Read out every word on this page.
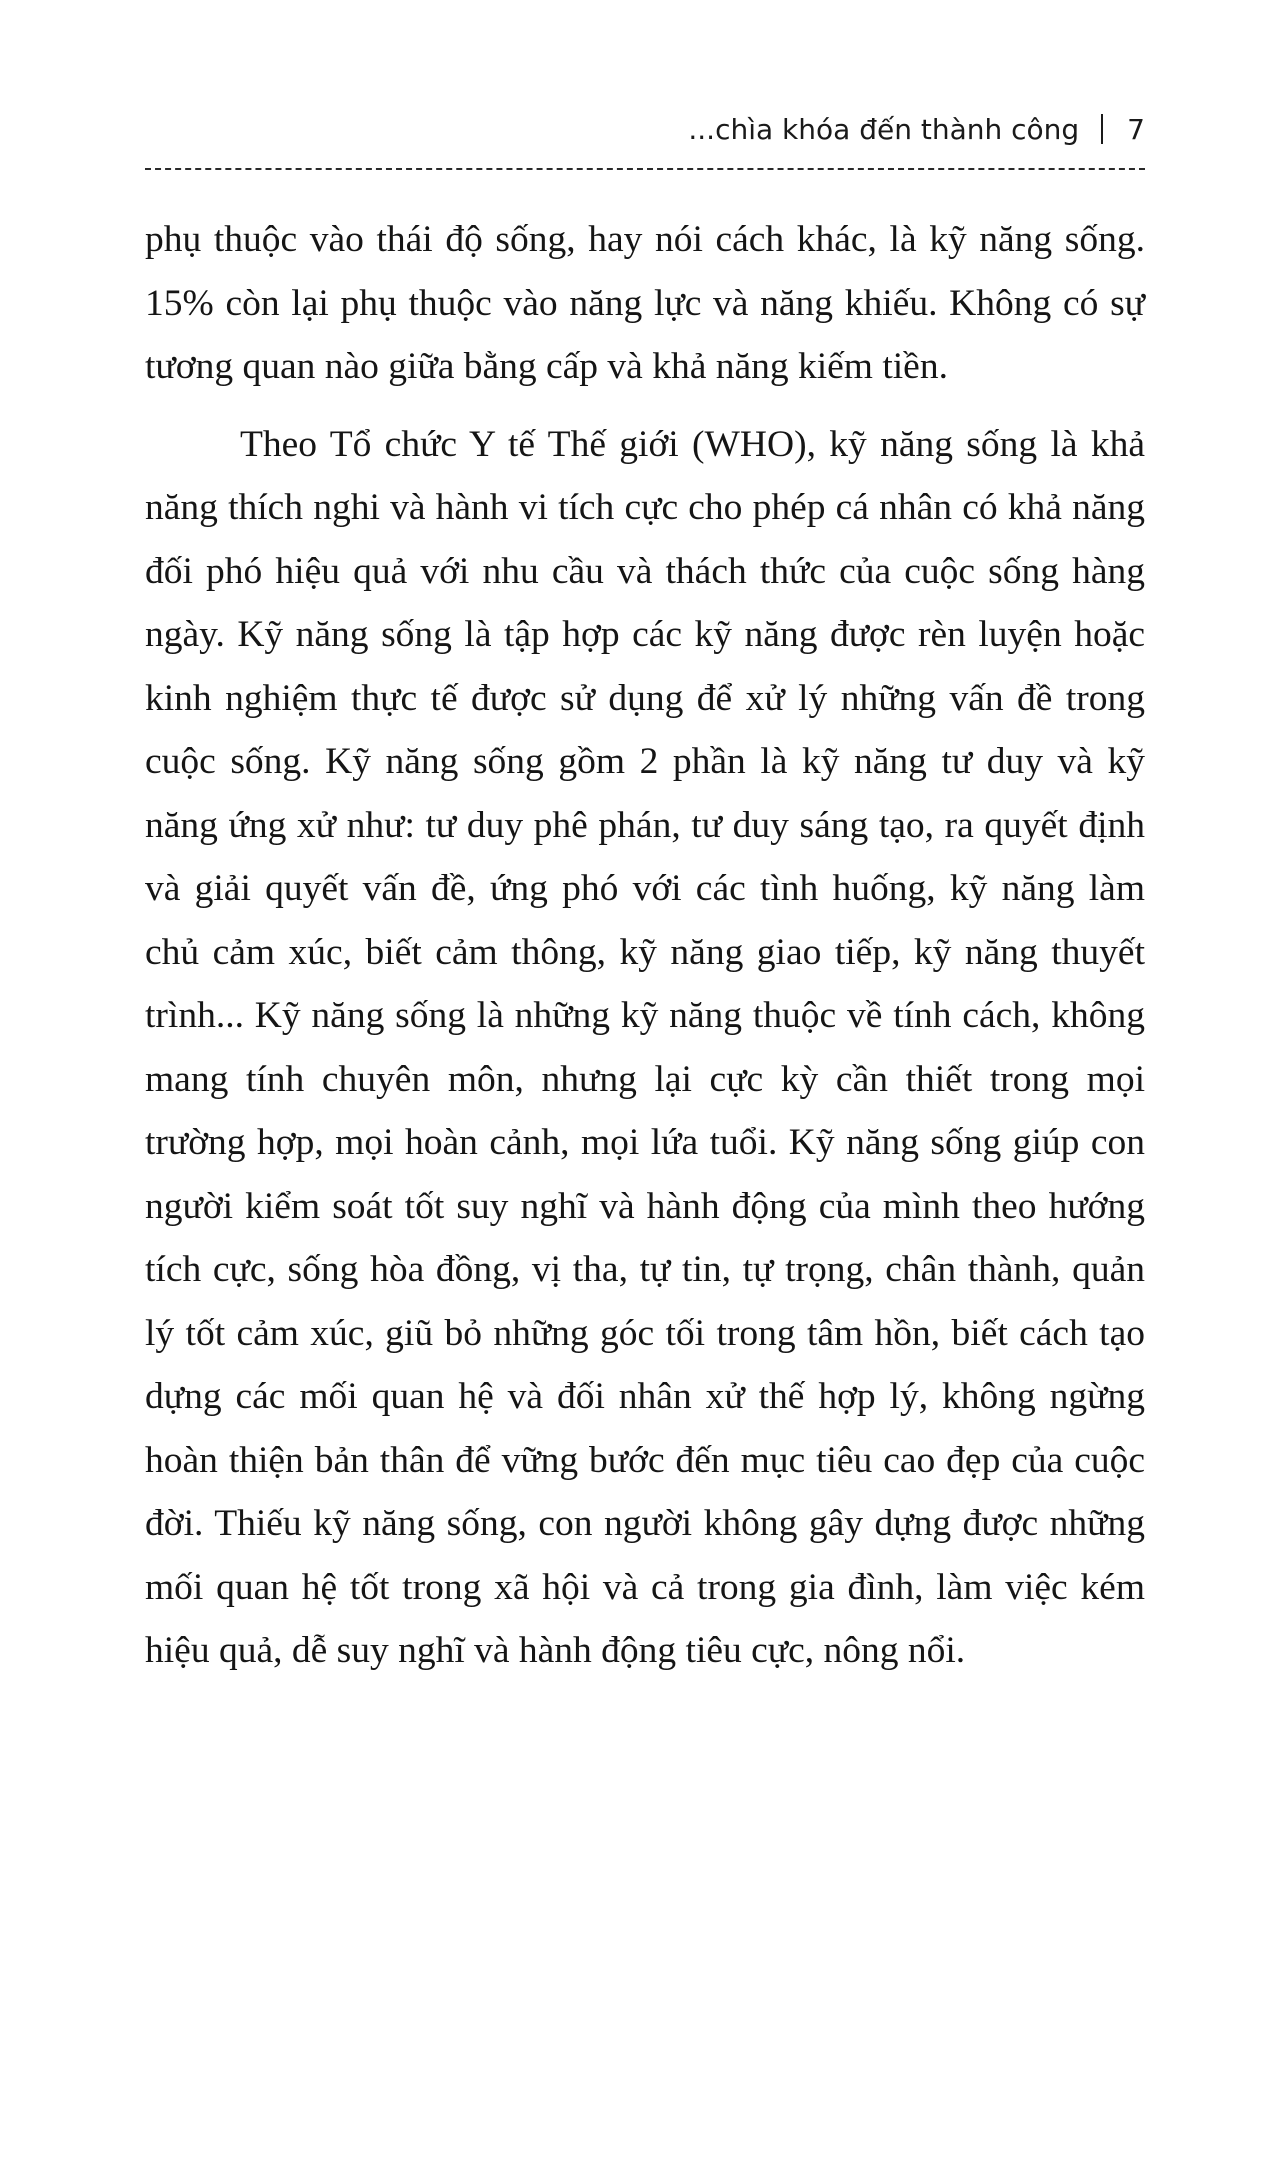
...chìa khóa đến thành công 7

phụ thuộc vào thái độ sống, hay nói cách khác, là kỹ năng sống. 15% còn lại phụ thuộc vào năng lực và năng khiếu. Không có sự tương quan nào giữa bằng cấp và khả năng kiếm tiền.

Theo Tổ chức Y tế Thế giới (WHO), kỹ năng sống là khả năng thích nghi và hành vi tích cực cho phép cá nhân có khả năng đối phó hiệu quả với nhu cầu và thách thức của cuộc sống hàng ngày. Kỹ năng sống là tập hợp các kỹ năng được rèn luyện hoặc kinh nghiệm thực tế được sử dụng để xử lý những vấn đề trong cuộc sống. Kỹ năng sống gồm 2 phần là kỹ năng tư duy và kỹ năng ứng xử như: tư duy phê phán, tư duy sáng tạo, ra quyết định và giải quyết vấn đề, ứng phó với các tình huống, kỹ năng làm chủ cảm xúc, biết cảm thông, kỹ năng giao tiếp, kỹ năng thuyết trình... Kỹ năng sống là những kỹ năng thuộc về tính cách, không mang tính chuyên môn, nhưng lại cực kỳ cần thiết trong mọi trường hợp, mọi hoàn cảnh, mọi lứa tuổi. Kỹ năng sống giúp con người kiểm soát tốt suy nghĩ và hành động của mình theo hướng tích cực, sống hòa đồng, vị tha, tự tin, tự trọng, chân thành, quản lý tốt cảm xúc, giũ bỏ những góc tối trong tâm hồn, biết cách tạo dựng các mối quan hệ và đối nhân xử thế hợp lý, không ngừng hoàn thiện bản thân để vững bước đến mục tiêu cao đẹp của cuộc đời. Thiếu kỹ năng sống, con người không gây dựng được những mối quan hệ tốt trong xã hội và cả trong gia đình, làm việc kém hiệu quả, dễ suy nghĩ và hành động tiêu cực, nông nổi.
